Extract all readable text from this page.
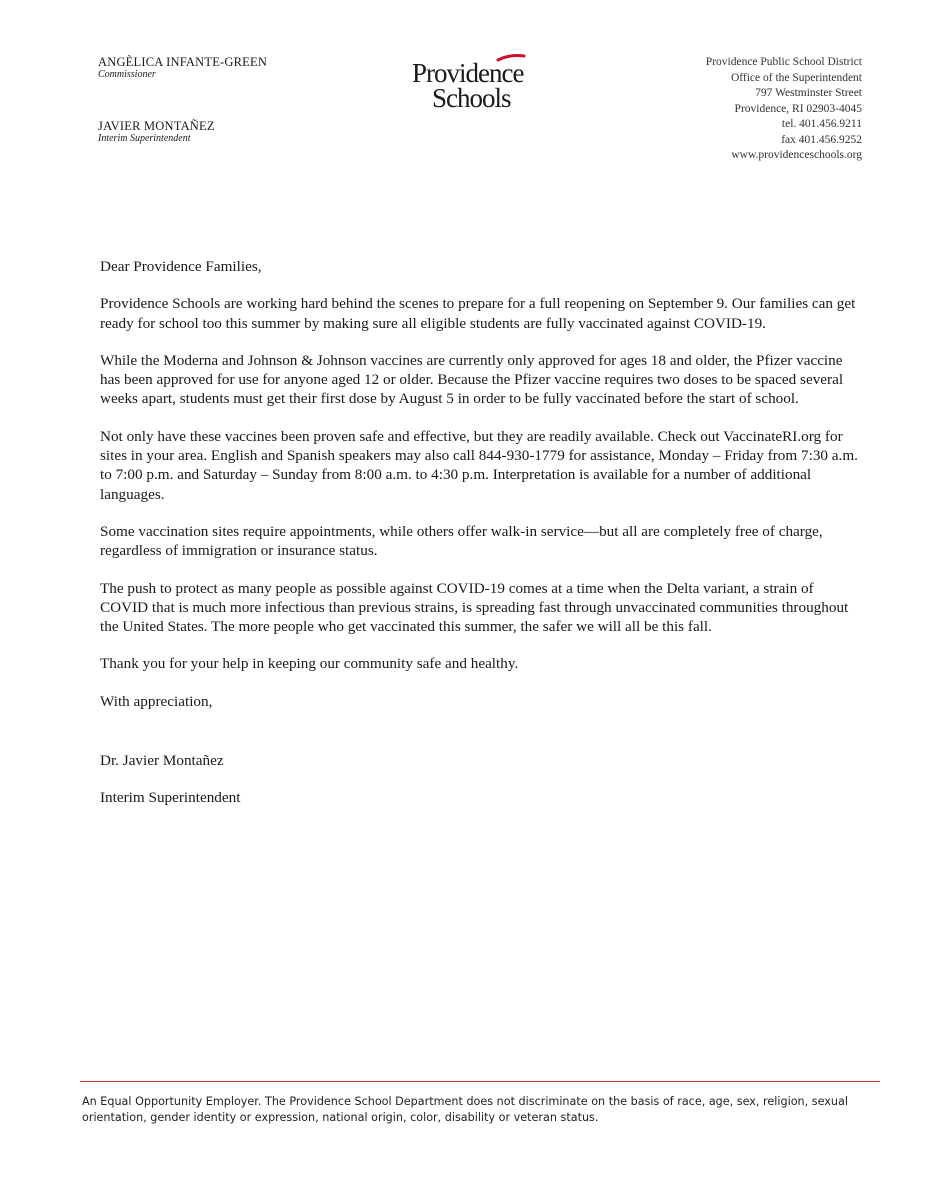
ANGÈLICA INFANTE-GREEN
Commissioner
JAVIER MONTAÑEZ
Interim Superintendent
Providence
Schools
Providence Public School District
Office of the Superintendent
797 Westminster Street
Providence, RI 02903-4045
tel. 401.456.9211
fax 401.456.9252
www.providenceschools.org

Dear Providence Families,

Providence Schools are working hard behind the scenes to prepare for a full reopening on September 9. Our families can get ready for school too this summer by making sure all eligible students are fully vaccinated against COVID-19.

While the Moderna and Johnson & Johnson vaccines are currently only approved for ages 18 and older, the Pfizer vaccine has been approved for use for anyone aged 12 or older. Because the Pfizer vaccine requires two doses to be spaced several weeks apart, students must get their first dose by August 5 in order to be fully vaccinated before the start of school.

Not only have these vaccines been proven safe and effective, but they are readily available. Check out VaccinateRI.org for sites in your area. English and Spanish speakers may also call 844-930-1779 for assistance, Monday – Friday from 7:30 a.m. to 7:00 p.m. and Saturday – Sunday from 8:00 a.m. to 4:30 p.m. Interpretation is available for a number of additional languages.

Some vaccination sites require appointments, while others offer walk-in service—but all are completely free of charge, regardless of immigration or insurance status.

The push to protect as many people as possible against COVID-19 comes at a time when the Delta variant, a strain of COVID that is much more infectious than previous strains, is spreading fast through unvaccinated communities throughout the United States. The more people who get vaccinated this summer, the safer we will all be this fall.

Thank you for your help in keeping our community safe and healthy.

With appreciation,

Dr. Javier Montañez

Interim Superintendent

An Equal Opportunity Employer. The Providence School Department does not discriminate on the basis of race, age, sex, religion, sexual orientation, gender identity or expression, national origin, color, disability or veteran status.
